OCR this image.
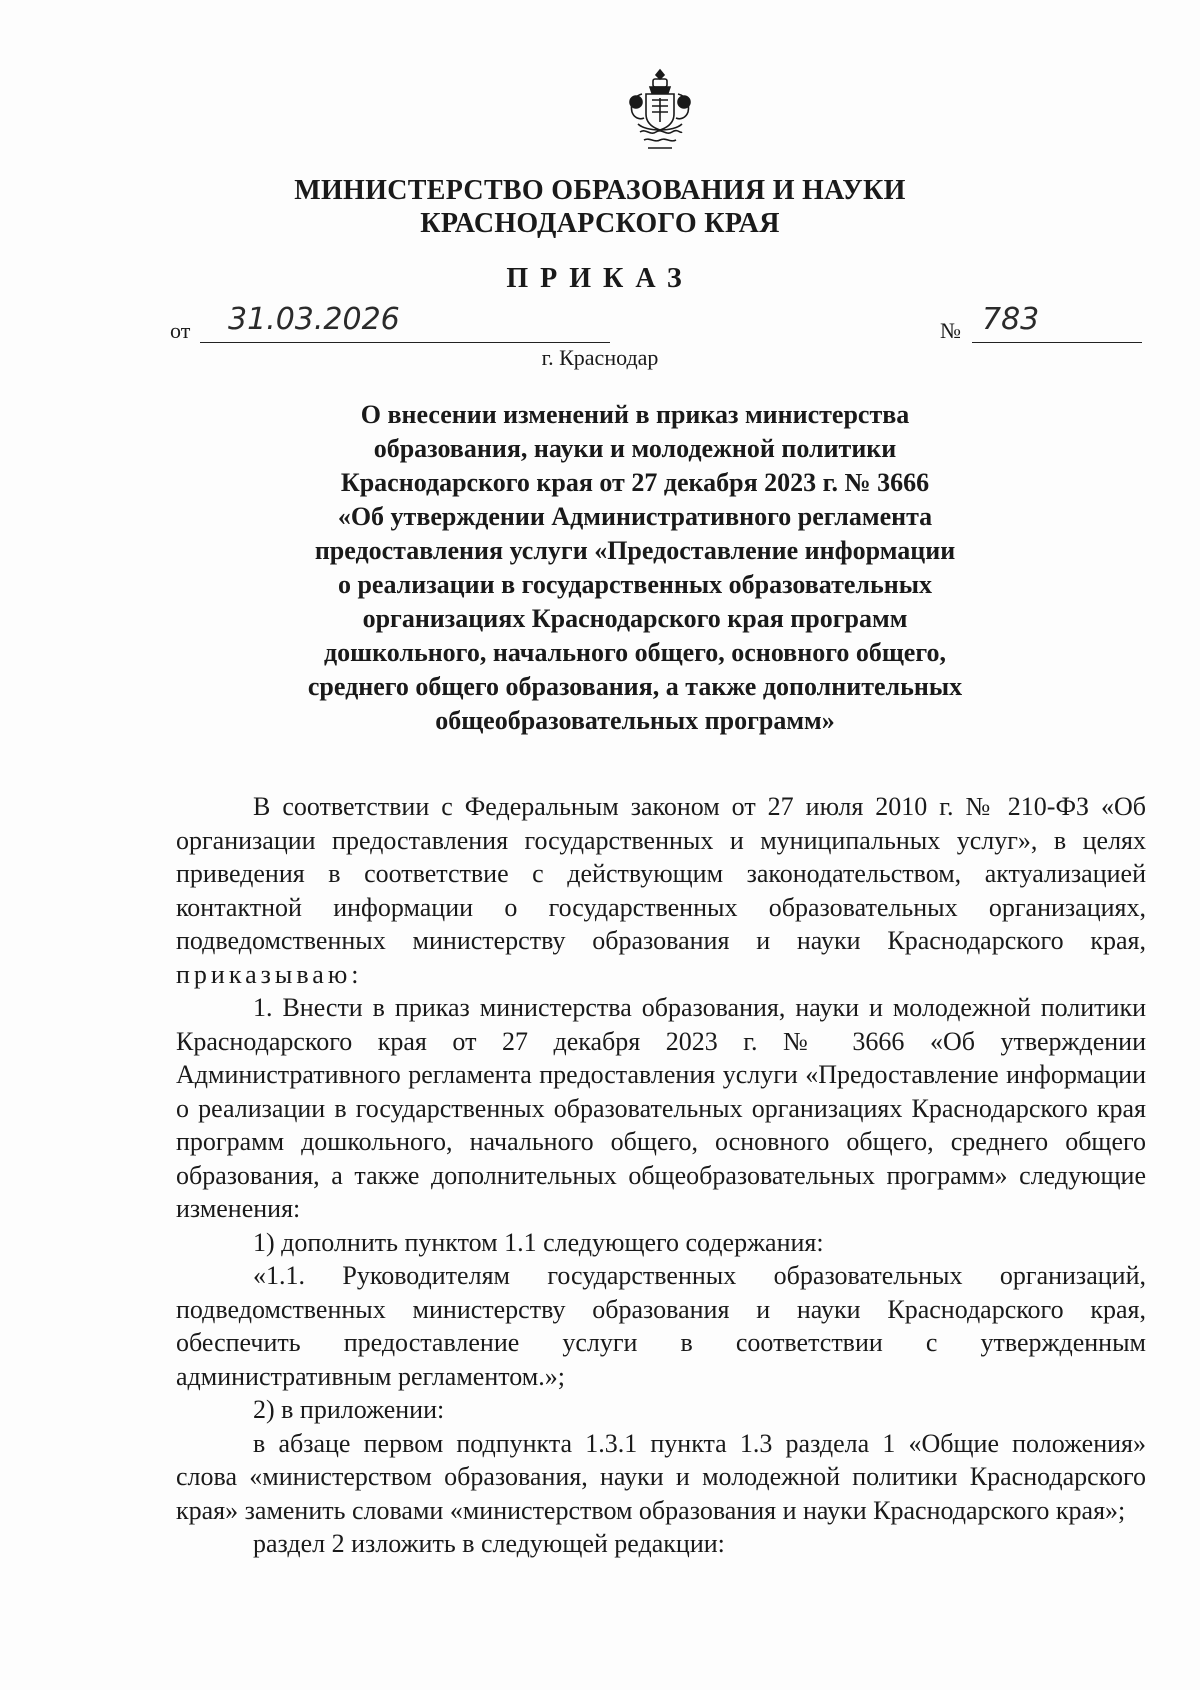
МИНИСТЕРСТВО ОБРАЗОВАНИЯ И НАУКИ
КРАСНОДАРСКОГО КРАЯ
ПРИКАЗ
от 31.03.2026	№ 783
г. Краснодар
О внесении изменений в приказ министерства
образования, науки и молодежной политики
Краснодарского края от 27 декабря 2023 г. № 3666
«Об утверждении Административного регламента
предоставления услуги «Предоставление информации
о реализации в государственных образовательных
организациях Краснодарского края программ
дошкольного, начального общего, основного общего,
среднего общего образования, а также дополнительных
общеобразовательных программ»

В соответствии с Федеральным законом от 27 июля 2010 г. № 210-ФЗ «Об организации предоставления государственных и муниципальных услуг», в целях приведения в соответствие с действующим законодательством, актуализацией контактной информации о государственных образовательных организациях, подведомственных министерству образования и науки Краснодарского края, приказываю:

1. Внести в приказ министерства образования, науки и молодежной политики Краснодарского края от 27 декабря 2023 г. № 3666 «Об утверждении Административного регламента предоставления услуги «Предоставление информации о реализации в государственных образовательных организациях Краснодарского края программ дошкольного, начального общего, основного общего, среднего общего образования, а также дополнительных общеобразовательных программ» следующие изменения:

1) дополнить пунктом 1.1 следующего содержания:

«1.1. Руководителям государственных образовательных организаций, подведомственных министерству образования и науки Краснодарского края, обеспечить предоставление услуги в соответствии с утвержденным административным регламентом.»;

2) в приложении:

в абзаце первом подпункта 1.3.1 пункта 1.3 раздела 1 «Общие положения» слова «министерством образования, науки и молодежной политики Краснодарского края» заменить словами «министерством образования и науки Краснодарского края»;

раздел 2 изложить в следующей редакции:
